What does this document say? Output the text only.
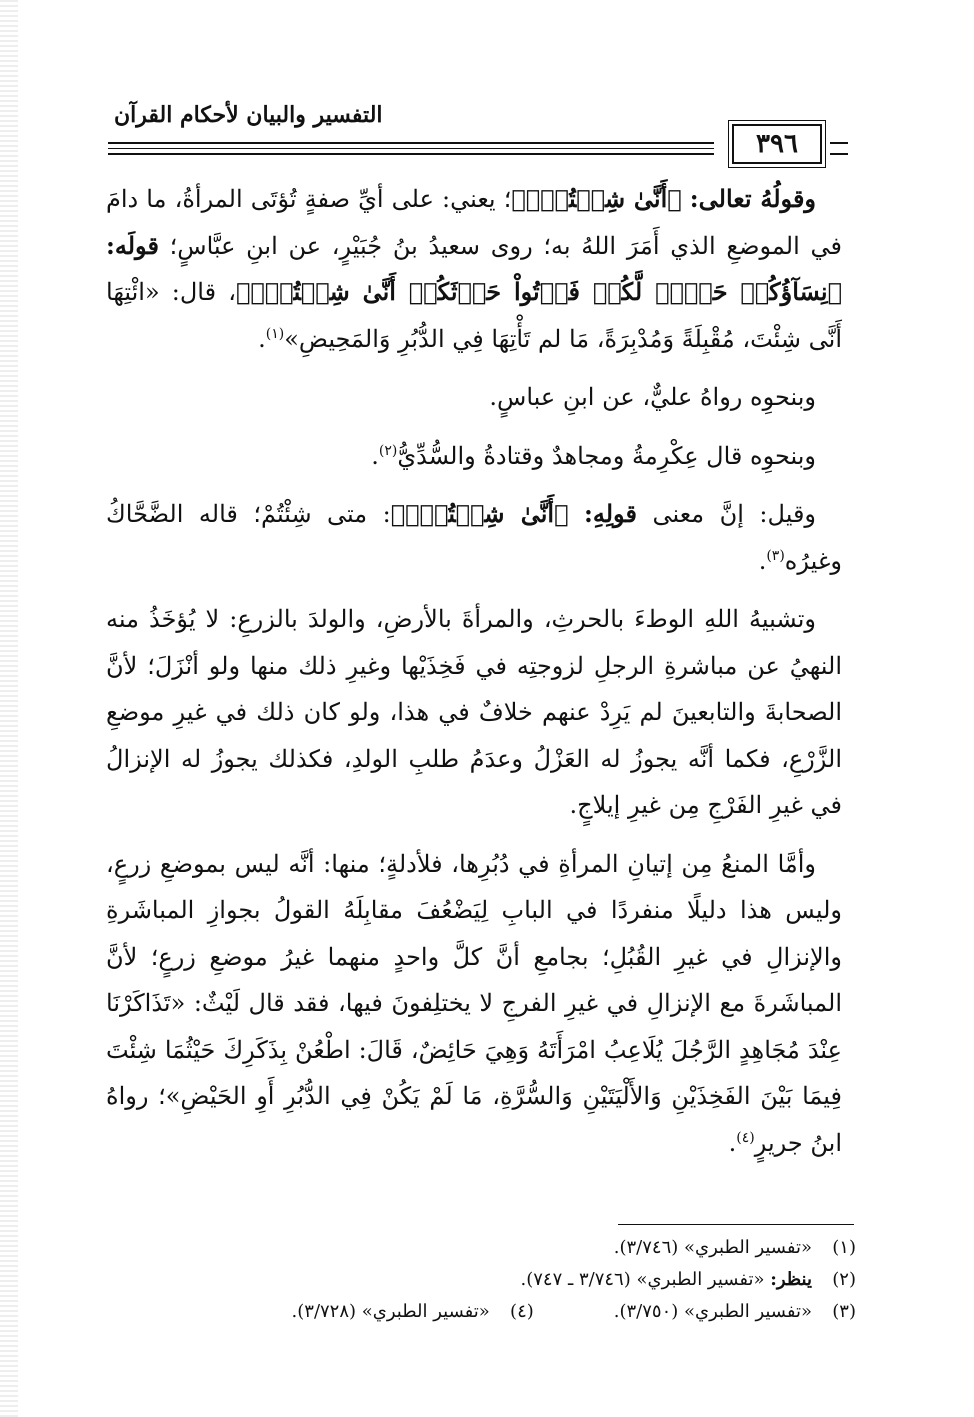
التفسير والبيان لأحكام القرآن
٣٩٦

وقولُهُ تعالى: ﴿أَنَّىٰ شِئۡتُمۡۖ﴾؛ يعني: على أيِّ صفةٍ تُؤتَى المرأةُ، ما دامَ في الموضعِ الذي أَمَرَ اللهُ به؛ روى سعيدُ بنُ جُبَيْرٍ، عن ابنِ عبَّاسٍ؛ قولَه: ﴿نِسَآؤُكُمۡ حَرۡثٞ لَّكُمۡ فَأۡتُواْ حَرۡثَكُمۡ أَنَّىٰ شِئۡتُمۡۖ﴾، قال: «ائْتِهَا أَنَّى شِئْتَ، مُقْبِلَةً وَمُدْبِرَةً، مَا لم تَأْتِهَا فِي الدُّبُرِ وَالمَحِيضِ»$^{(١)}$.

وبنحوِه رواهُ عليٌّ، عن ابنِ عباسٍ.

وبنحوِه قال عِكْرِمةُ ومجاهدٌ وقتادةُ والسُّدِّيُّ$^{(٢)}$.

وقيل: إنَّ معنى قولِهِ: ﴿أَنَّىٰ شِئۡتُمۡۖ﴾: متى شِئْتُمْ؛ قاله الضَّحَّاكُ وغيرُه$^{(٣)}$.

وتشبيهُ اللهِ الوطءَ بالحرثِ، والمرأةَ بالأرضِ، والولدَ بالزرعِ: لا يُؤخَذُ منه النهيُ عن مباشرةِ الرجلِ لزوجتِه في فَخِذَيْها وغيرِ ذلك منها ولو أنْزَلَ؛ لأنَّ الصحابةَ والتابعينَ لم يَرِدْ عنهم خلافٌ في هذا، ولو كان ذلك في غيرِ موضعِ الزَّرْعِ، فكما أنَّه يجوزُ له العَزْلُ وعدَمُ طلبِ الولدِ، فكذلك يجوزُ له الإنزالُ في غيرِ الفَرْجِ مِن غيرِ إيلاجٍ.

وأمَّا المنعُ مِن إتيانِ المرأةِ في دُبُرِها، فلأدلةٍ؛ منها: أنَّه ليس بموضعِ زرعٍ، وليس هذا دليلًا منفردًا في البابِ لِيَضْعُفَ مقابِلَهُ القولُ بجوازِ المباشَرةِ والإنزالِ في غيرِ القُبُلِ؛ بجامعِ أنَّ كلَّ واحدٍ منهما غيرُ موضعِ زرعٍ؛ لأنَّ المباشَرةَ مع الإنزالِ في غيرِ الفرجِ لا يختلِفونَ فيها، فقد قال لَيْثٌ: «تَذَاكَرْنَا عِنْدَ مُجَاهِدٍ الرَّجُلَ يُلَاعِبُ امْرَأَتَهُ وَهِيَ حَائِضٌ، قَالَ: اطْعُنْ بِذَكَرِكَ حَيْثُمَا شِئْتَ فِيمَا بَيْنَ الفَخِذَيْنِ وَالأَلْيَتَيْنِ وَالسُّرَّةِ، مَا لَمْ يَكُنْ فِي الدُّبُرِ أَوِ الحَيْضِ»؛ رواهُ ابنُ جريرٍ$^{(٤)}$.

(١)«تفسير الطبري» (٣/٧٤٦).
(٢)ينظر: «تفسير الطبري» (٣/٧٤٦ ـ ٧٤٧).
(٣)«تفسير الطبري» (٣/٧٥٠).(٤)«تفسير الطبري» (٣/٧٢٨).
